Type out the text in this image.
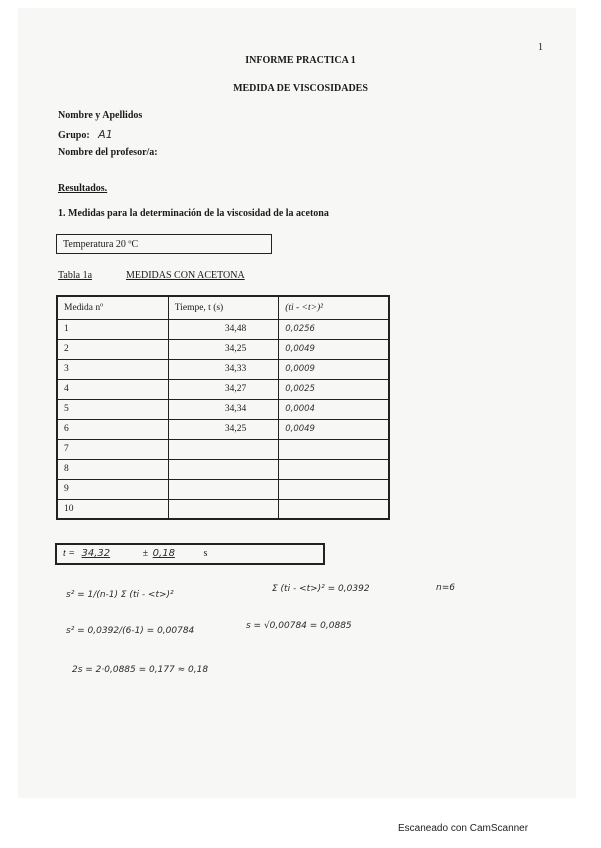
1
INFORME PRACTICA 1
MEDIDA DE VISCOSIDADES
Nombre y Apellidos
Grupo: A1
Nombre del profesor/a:
Resultados.
1. Medidas para la determinación de la viscosidad de la acetona
Temperatura 20 ºC
Tabla 1a	MEDIDAS CON ACETONA
Medida nº	Tiempe, t (s)	(ti - <t>)²
1	34,48	0,0256
2	34,25	0,0049
3	34,33	0,0009
4	34,27	0,0025
5	34,34	0,0004
6	34,25	0,0049
7		
8		
9		
10		
t = 34,32	± 0,18	s
s² = 1/(n-1) Σ (ti - <t>)²
Σ (ti - <t>)² = 0,0392	n=6
s² = 0,0392/(6-1) = 0,00784	s = √0,00784 = 0,0885
2s = 2·0,0885 = 0,177 ≈ 0,18
Escaneado con CamScanner
